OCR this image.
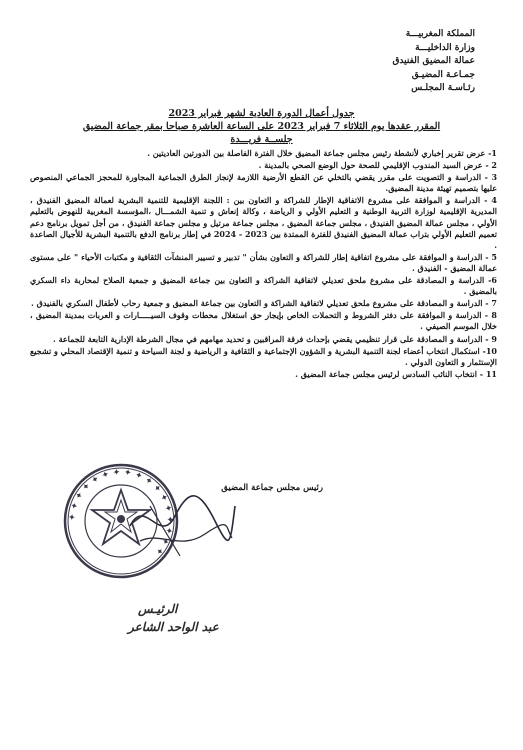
المملكة المغربيـــة
وزارة الداخليـــة
عمالة المضيق الفنيدق
جمـاعـة المضيـق
رئـاسـة المجلـس
جدول أعمال الدورة العادية لشهر فبراير 2023
المقرر عقدها يوم الثلاثاء 7 فبراير 2023 على الساعة العاشرة صباحا بمقر جماعة المضيق
جلســة فريـــدة

1- عرض تقرير إخباري لأنشطة رئيس مجلس جماعة المضيق خلال الفترة الفاصلة بين الدورتين العاديتين .

2 - عرض السيد المندوب الإقليمي للصحة حول الوضع الصحي بالمدينة .

3 - الدراسة و التصويت على مقرر يقضي بالتخلي عن القطع الأرضية اللازمة لإنجاز الطرق الجماعية المجاورة للمحجز الجماعي المنصوص عليها بتصميم تهيئة مدينة المضيق.

4 - الدراسة و الموافقة على مشروع الاتفاقية الإطار للشراكة و التعاون بين : اللجنة الإقليمية للتنمية البشرية لعمالة المضيق الفنيدق ، المديرية الإقليمية لوزارة التربية الوطنية و التعليم الأولي و الرياضة ، وكالة إنعاش و تنمية الشمـــال ،المؤسسة المغربية للنهوض بالتعليم الأولي ، مجلس عمالة المضيق الفنيدق ، مجلس جماعة المضيق ، مجلس جماعة مرتيل و مجلس جماعة الفنيدق ، من أجل تمويل برنامج دعم تعميم التعليم الأولي بتراب عمالة المضيق الفنيدق للفترة الممتدة بين 2023 - 2024 في إطار برنامج الدفع بالتنمية البشرية للأجيال الصاعدة .

5 - الدراسة و الموافقة على مشروع اتفاقية إطار للشراكة و التعاون بشأن " تدبير و تسيير المنشآت الثقافية و مكتبات الأحياء " على مستوى عمالة المضيق - الفنيدق .

6- الدراسة و المصادقة على مشروع ملحق تعديلي لاتفاقية الشراكة و التعاون بين جماعة المضيق و جمعية الصلاح لمحاربة داء السكري بالمضيق .

7 - الدراسة و المصادقة على مشروع ملحق تعديلي لاتفاقية الشراكة و التعاون بين جماعة المضيق و جمعية رحاب لأطفال السكري بالفنيدق .

8 - الدراسة و الموافقة على دفتر الشروط و التحملات الخاص بإيجار حق استغلال محطات وقوف السيـــــارات و العربات بمدينة المضيق ، خلال الموسم الصيفي .

9 - الدراسة و المصادقة على قرار تنظيمي يقضي بإحداث فرقة المراقبين و تحديد مهامهم في مجال الشرطة الإدارية التابعة للجماعة .

10- استكمال انتخاب أعضاء لجنة التنمية البشرية و الشؤون الإجتماعية و الثقافية و الرياضية و لجنة السياحة و تنمية الإقتصاد المحلي و تشجيع الإستثمار و التعاون الدولي .

11 - انتخاب النائب السادس لرئيس مجلس جماعة المضيق .

رئيس مجلس جماعة المضيق
✦ ✦ ✦ ✦ ✦ ✦ ✦ ✦ ✦ ✦ ✦ ✦ ✦ ✦ ✦ ✦ ✦
الرئيـس
عبد الواحد الشاعر
